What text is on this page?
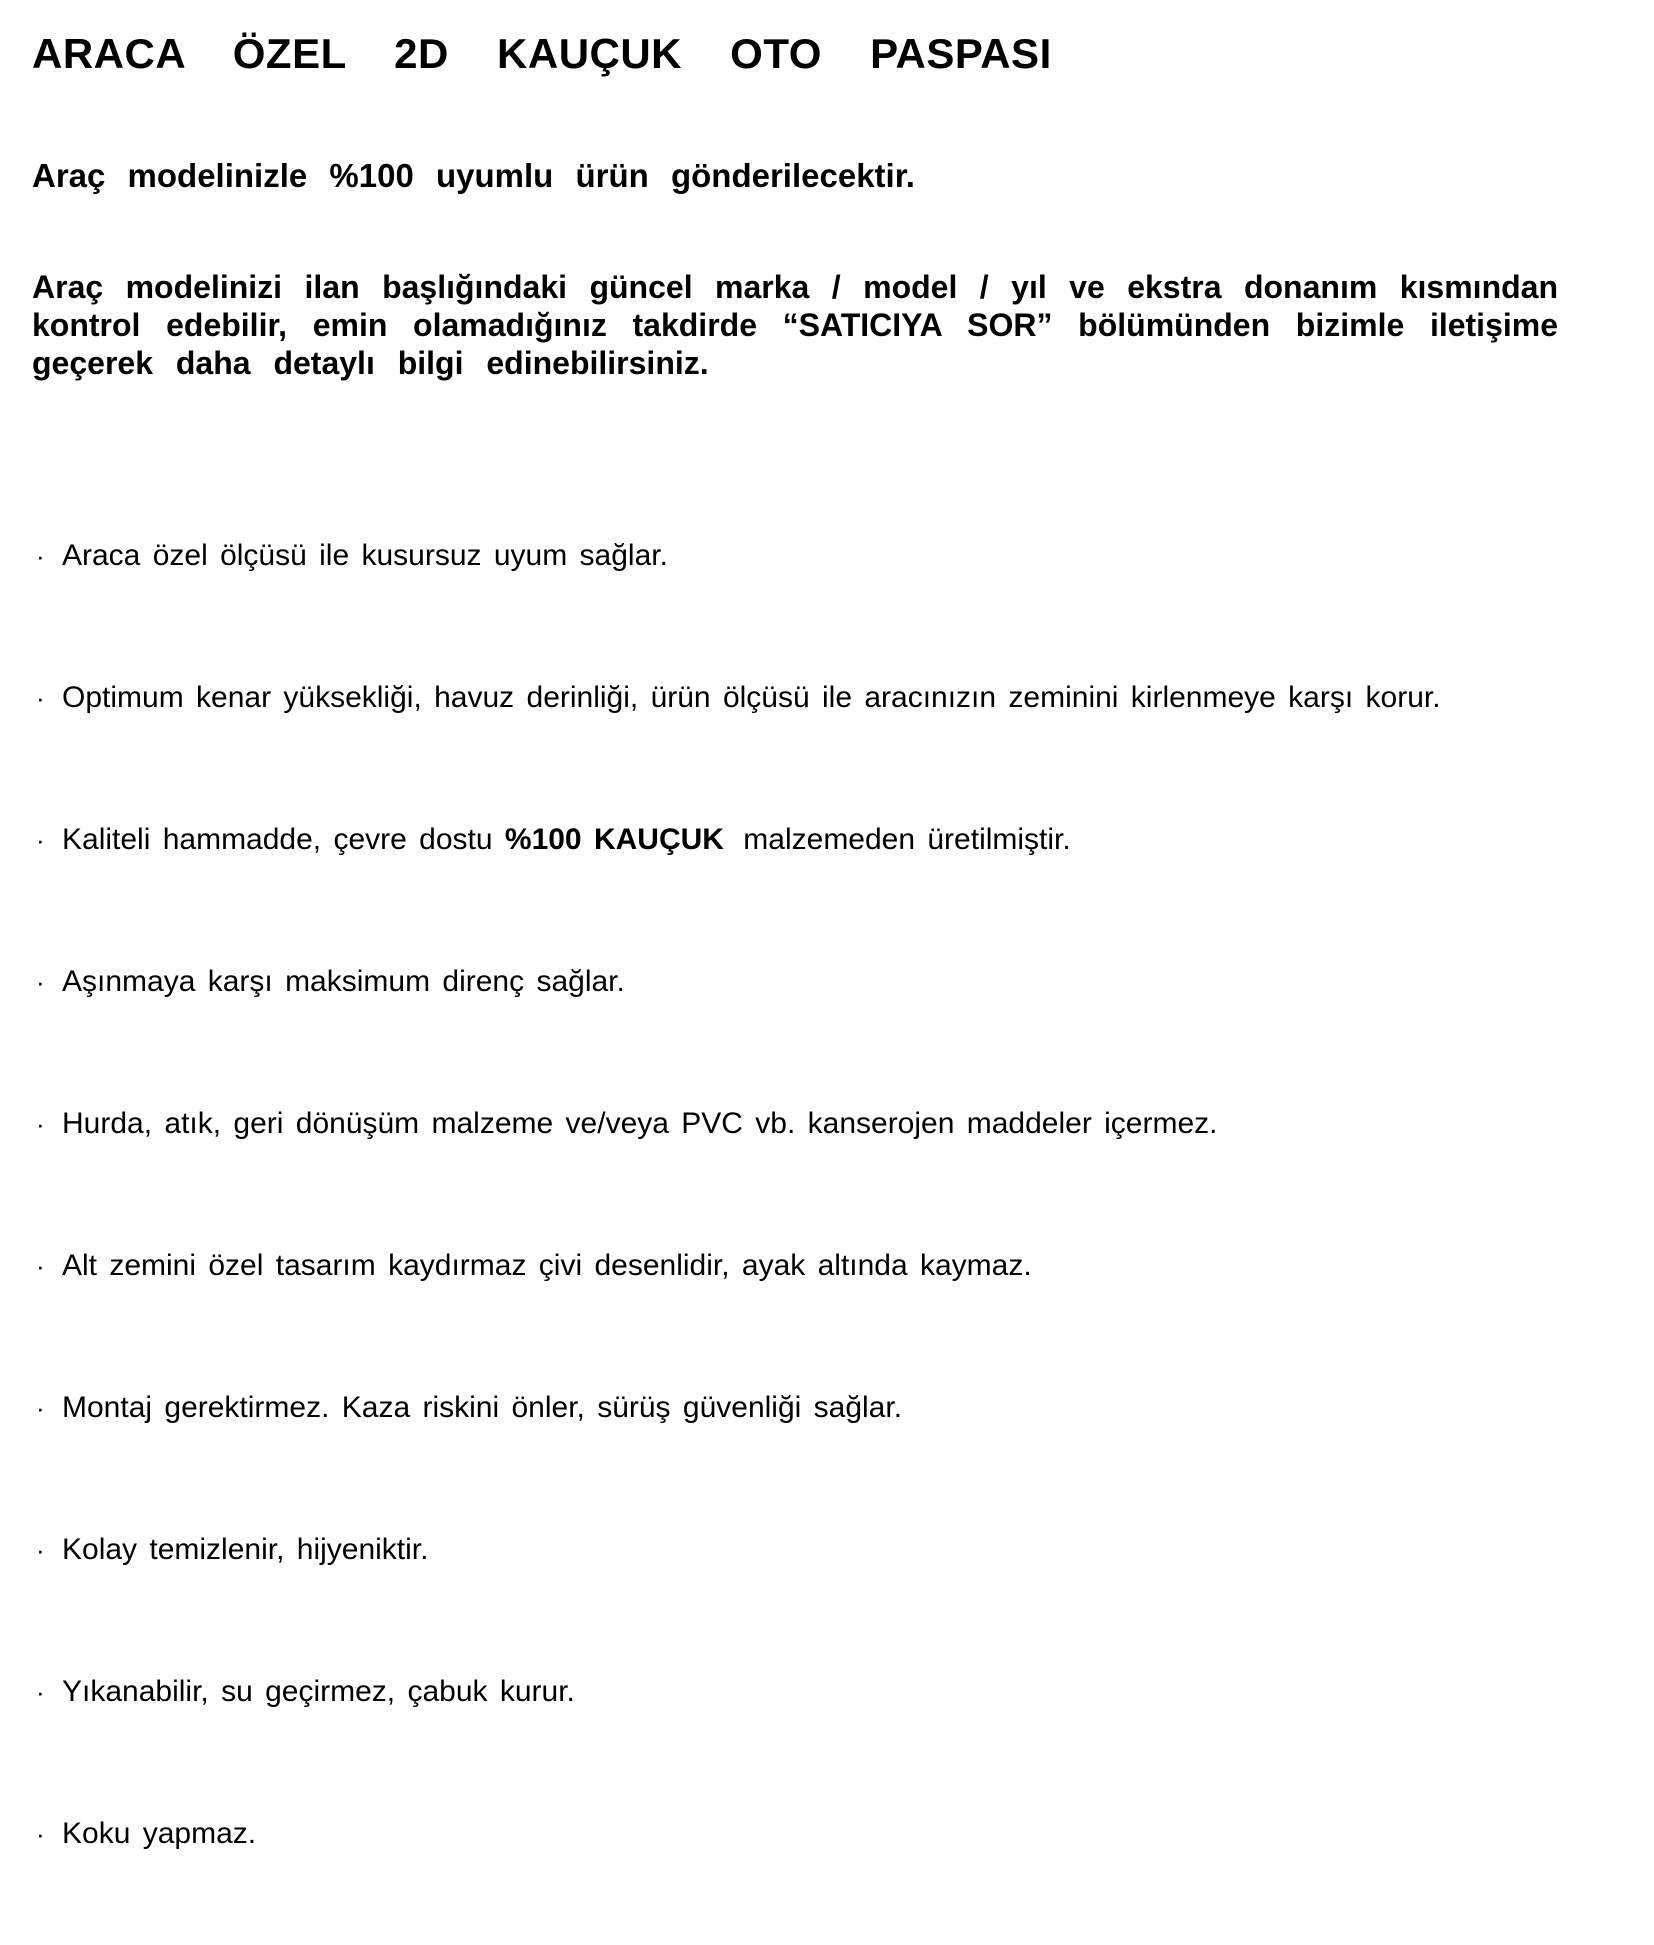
ARACA ÖZEL 2D KAUÇUK OTO PASPASI

Araç modelinizle %100 uyumlu ürün gönderilecektir.

Araç modelinizi ilan başlığındaki güncel marka / model / yıl ve ekstra donanım kısmından
kontrol edebilir, emin olamadığınız takdirde “SATICIYA SOR” bölümünden bizimle iletişime
geçerek daha detaylı bilgi edinebilirsiniz.
· Araca özel ölçüsü ile kusursuz uyum sağlar.
· Optimum kenar yüksekliği, havuz derinliği, ürün ölçüsü ile aracınızın zeminini kirlenmeye karşı korur.
· Kaliteli hammadde, çevre dostu %100 KAUÇUK malzemeden üretilmiştir.
· Aşınmaya karşı maksimum direnç sağlar.
· Hurda, atık, geri dönüşüm malzeme ve/veya PVC vb. kanserojen maddeler içermez.
· Alt zemini özel tasarım kaydırmaz çivi desenlidir, ayak altında kaymaz.
· Montaj gerektirmez. Kaza riskini önler, sürüş güvenliği sağlar.
· Kolay temizlenir, hijyeniktir.
· Yıkanabilir, su geçirmez, çabuk kurur.
· Koku yapmaz.
